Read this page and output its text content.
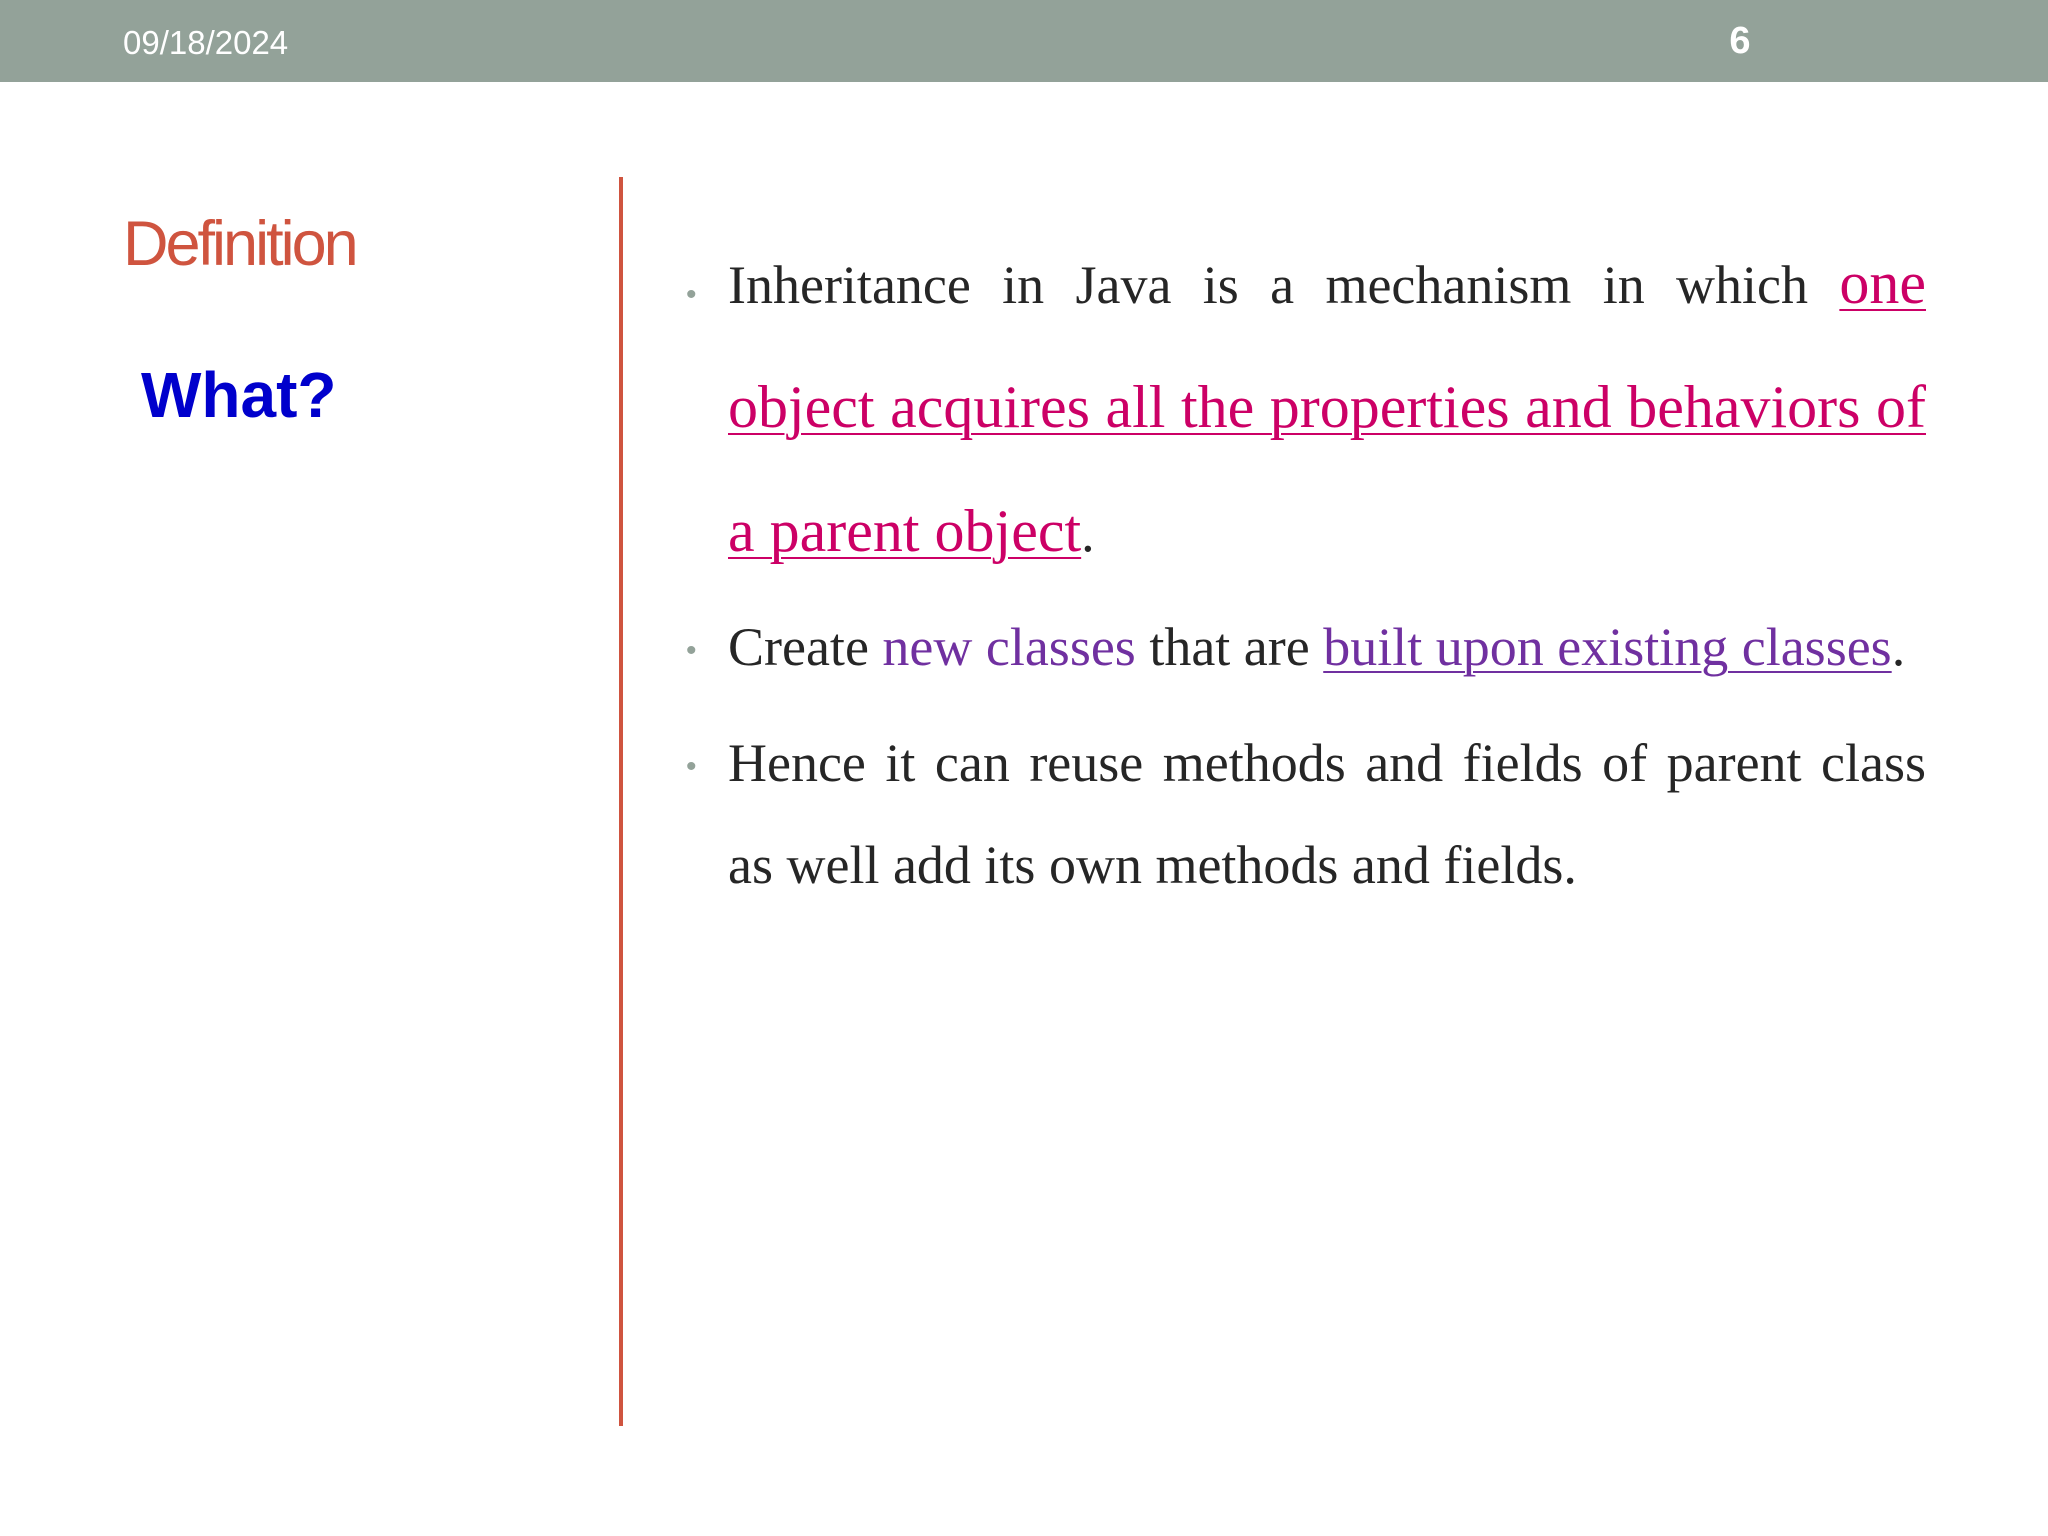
09/18/2024	6
Definition
What?
• Inheritance in Java is a mechanism in which one object acquires all the properties and behaviors of a parent object.
• Create new classes that are built upon existing classes.
• Hence it can reuse methods and fields of parent class as well add its own methods and fields.
